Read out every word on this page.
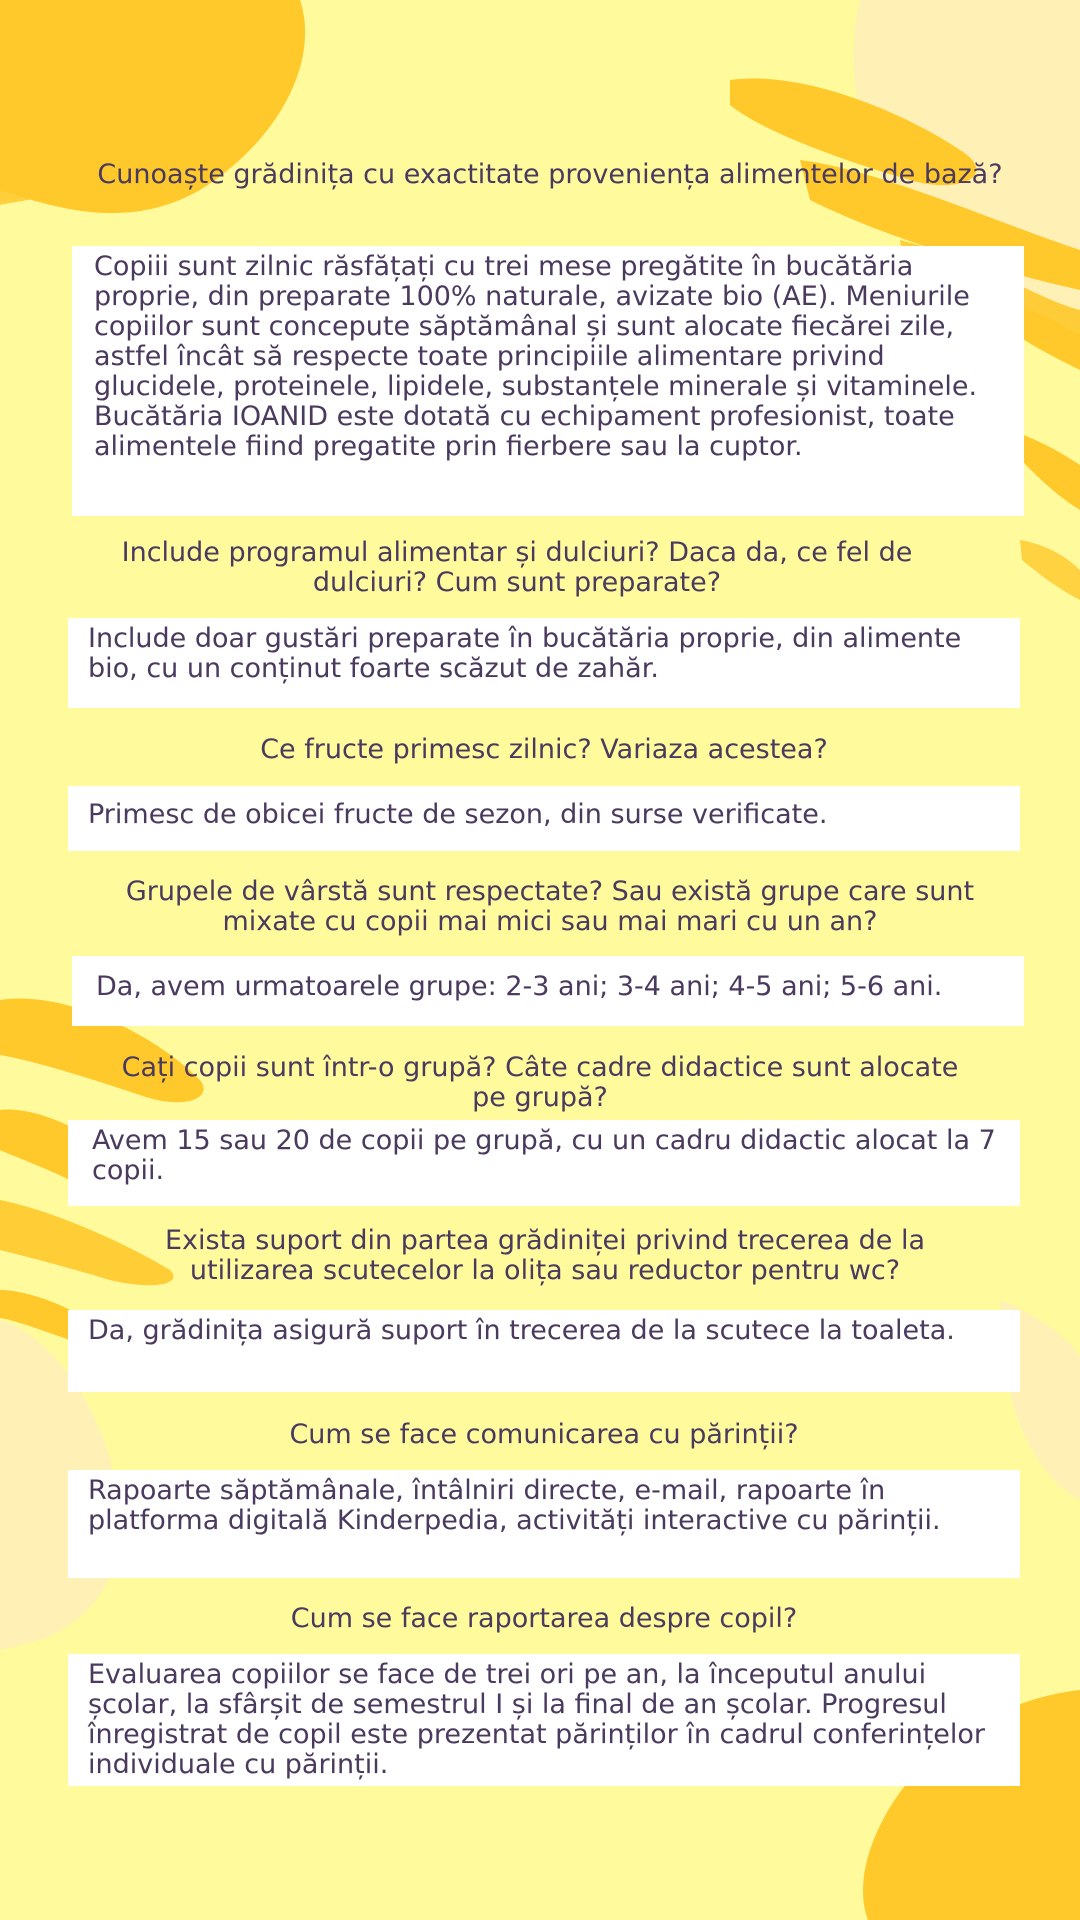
Cunoaște grădinița cu exactitate proveniența alimentelor de bază?
Copiii sunt zilnic răsfățați cu trei mese pregătite în bucătăria proprie, din preparate 100% naturale, avizate bio (AE). Meniurile copiilor sunt concepute săptămânal și sunt alocate fiecărei zile, astfel încât să respecte toate principiile alimentare privind glucidele, proteinele, lipidele, substanțele minerale și vitaminele. Bucătăria IOANID este dotată cu echipament profesionist, toate alimentele fiind pregatite prin fierbere sau la cuptor.
Include programul alimentar și dulciuri? Daca da, ce fel de dulciuri? Cum sunt preparate?
Include doar gustări preparate în bucătăria proprie, din alimente bio, cu un conținut foarte scăzut de zahăr.
Ce fructe primesc zilnic? Variaza acestea?
Primesc de obicei fructe de sezon, din surse verificate.
Grupele de vârstă sunt respectate? Sau există grupe care sunt mixate cu copii mai mici sau mai mari cu un an?
Da, avem urmatoarele grupe: 2-3 ani; 3-4 ani; 4-5 ani; 5-6 ani.
Cați copii sunt într-o grupă? Câte cadre didactice sunt alocate pe grupă?
Avem 15 sau 20 de copii pe grupă, cu un cadru didactic alocat la 7 copii.
Exista suport din partea grădiniței privind trecerea de la utilizarea scutecelor la olița sau reductor pentru wc?
Da, grădinița asigură suport în trecerea de la scutece la toaleta.
Cum se face comunicarea cu părinții?
Rapoarte săptămânale, întâlniri directe, e-mail, rapoarte în platforma digitală Kinderpedia, activități interactive cu părinții.
Cum se face raportarea despre copil?
Evaluarea copiilor se face de trei ori pe an, la începutul anului școlar, la sfârșit de semestrul I și la final de an școlar. Progresul înregistrat de copil este prezentat părinților în cadrul conferințelor individuale cu părinții.
